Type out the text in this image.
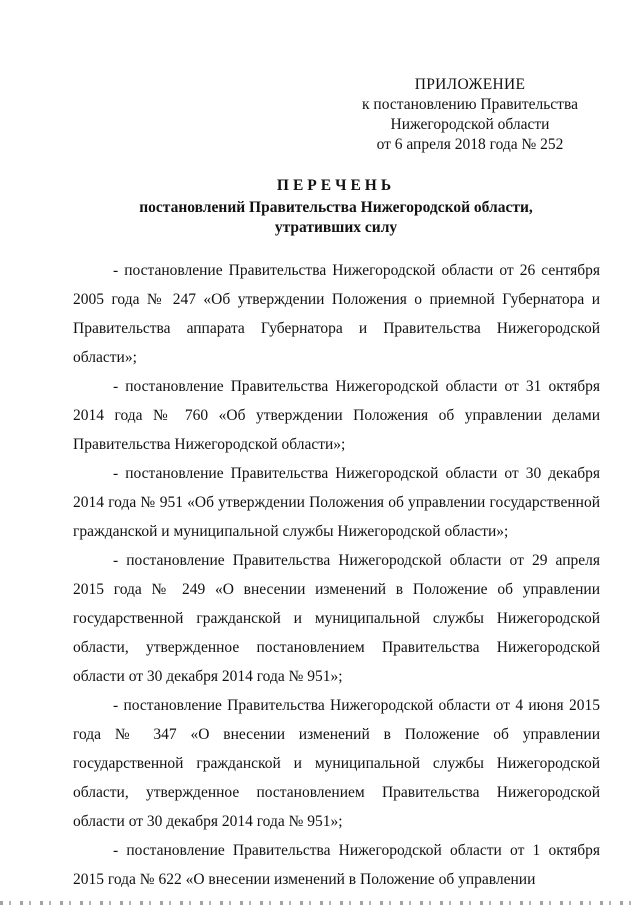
ПРИЛОЖЕНИЕ
к постановлению Правительства
Нижегородской области
от 6 апреля 2018 года № 252
ПЕРЕЧЕНЬ
постановлений Правительства Нижегородской области,
утративших силу

- постановление Правительства Нижегородской области от 26 сентября 2005 года № 247 «Об утверждении Положения о приемной Губернатора и Правительства аппарата Губернатора и Правительства Нижегородской области»;

- постановление Правительства Нижегородской области от 31 октября 2014 года № 760 «Об утверждении Положения об управлении делами Правительства Нижегородской области»;

- постановление Правительства Нижегородской области от 30 декабря 2014 года № 951 «Об утверждении Положения об управлении государственной гражданской и муниципальной службы Нижегородской области»;

- постановление Правительства Нижегородской области от 29 апреля 2015 года № 249 «О внесении изменений в Положение об управлении государственной гражданской и муниципальной службы Нижегородской области, утвержденное постановлением Правительства Нижегородской области от 30 декабря 2014 года № 951»;

- постановление Правительства Нижегородской области от 4 июня 2015 года № 347 «О внесении изменений в Положение об управлении государственной гражданской и муниципальной службы Нижегородской области, утвержденное постановлением Правительства Нижегородской области от 30 декабря 2014 года № 951»;

- постановление Правительства Нижегородской области от 1 октября 2015 года № 622 «О внесении изменений в Положение об управлении
